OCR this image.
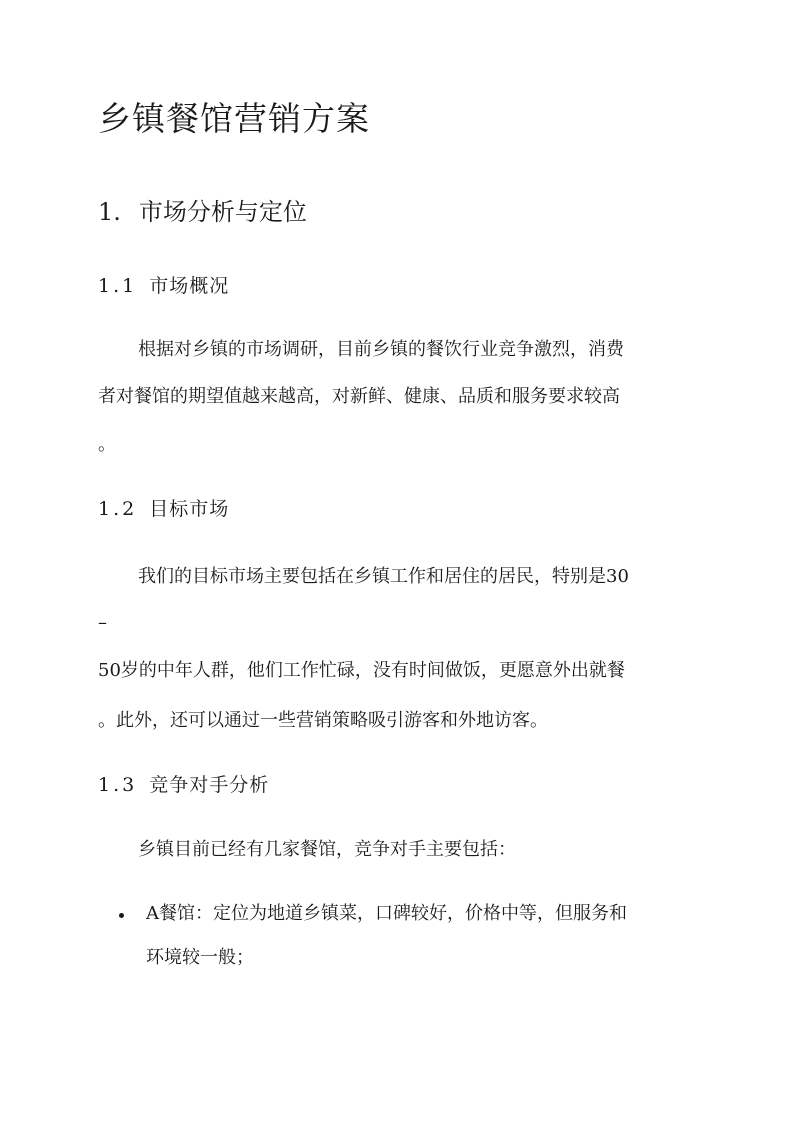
乡镇餐馆营销方案
1. 市场分析与定位
1.1 市场概况
根据对乡镇的市场调研，目前乡镇的餐饮行业竞争激烈，消费
者对餐馆的期望值越来越高，对新鲜、健康、品质和服务要求较高
。
1.2 目标市场
我们的目标市场主要包括在乡镇工作和居住的居民，特别是30
–
50岁的中年人群，他们工作忙碌，没有时间做饭，更愿意外出就餐
。此外，还可以通过一些营销策略吸引游客和外地访客。
1.3 竞争对手分析
乡镇目前已经有几家餐馆，竞争对手主要包括：
A餐馆：定位为地道乡镇菜，口碑较好，价格中等，但服务和
环境较一般；
